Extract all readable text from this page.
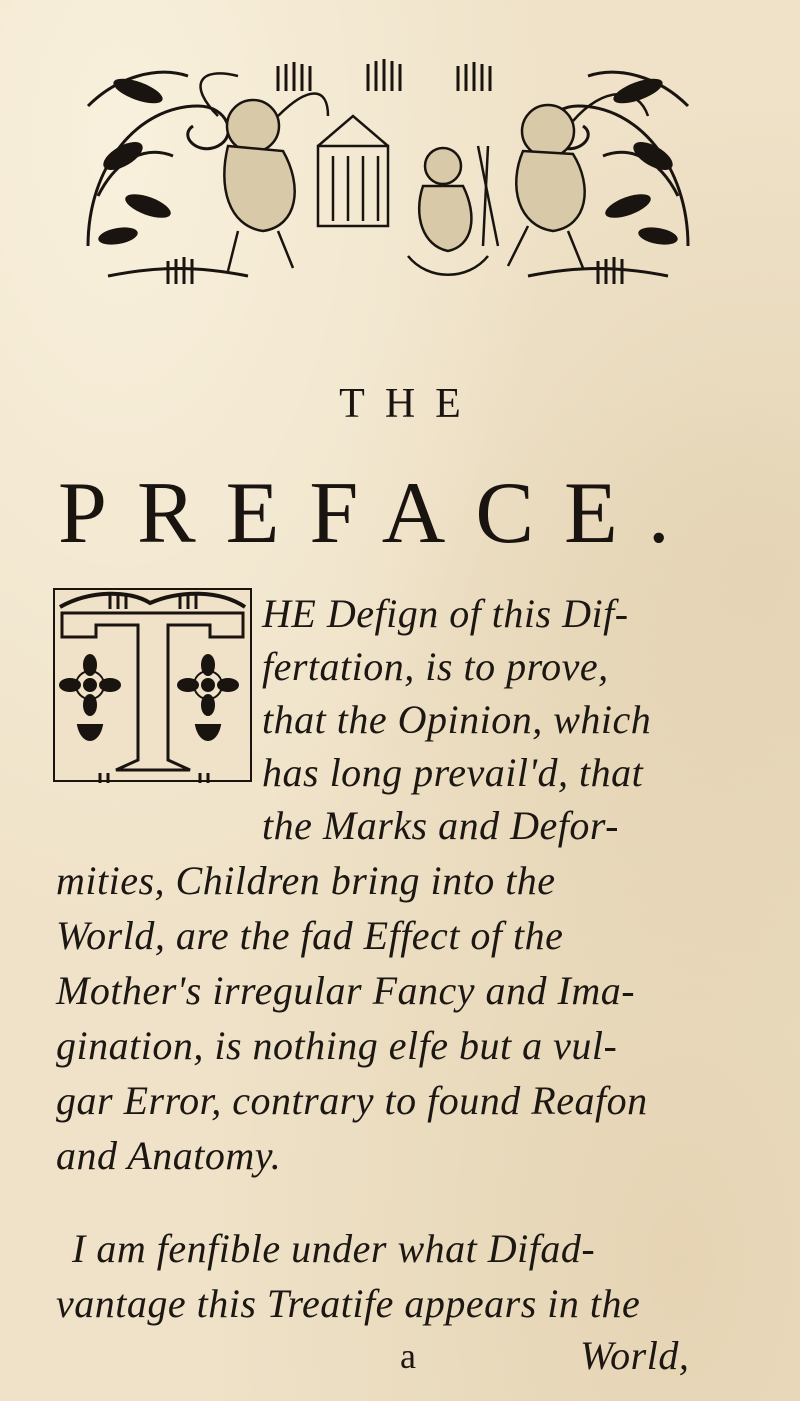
THE
PREFACE.
HE Defign of this Dif-
fertation, is to prove,
that the Opinion, which
has long prevail'd, that
the Marks and Defor-
mities, Children bring into the
World, are the fad Effect of the
Mother's irregular Fancy and Ima-
gination, is nothing elfe but a vul-
gar Error, contrary to found Reafon
and Anatomy.
I am fenfible under what Difad-
vantage this Treatife appears in the
a	World,
